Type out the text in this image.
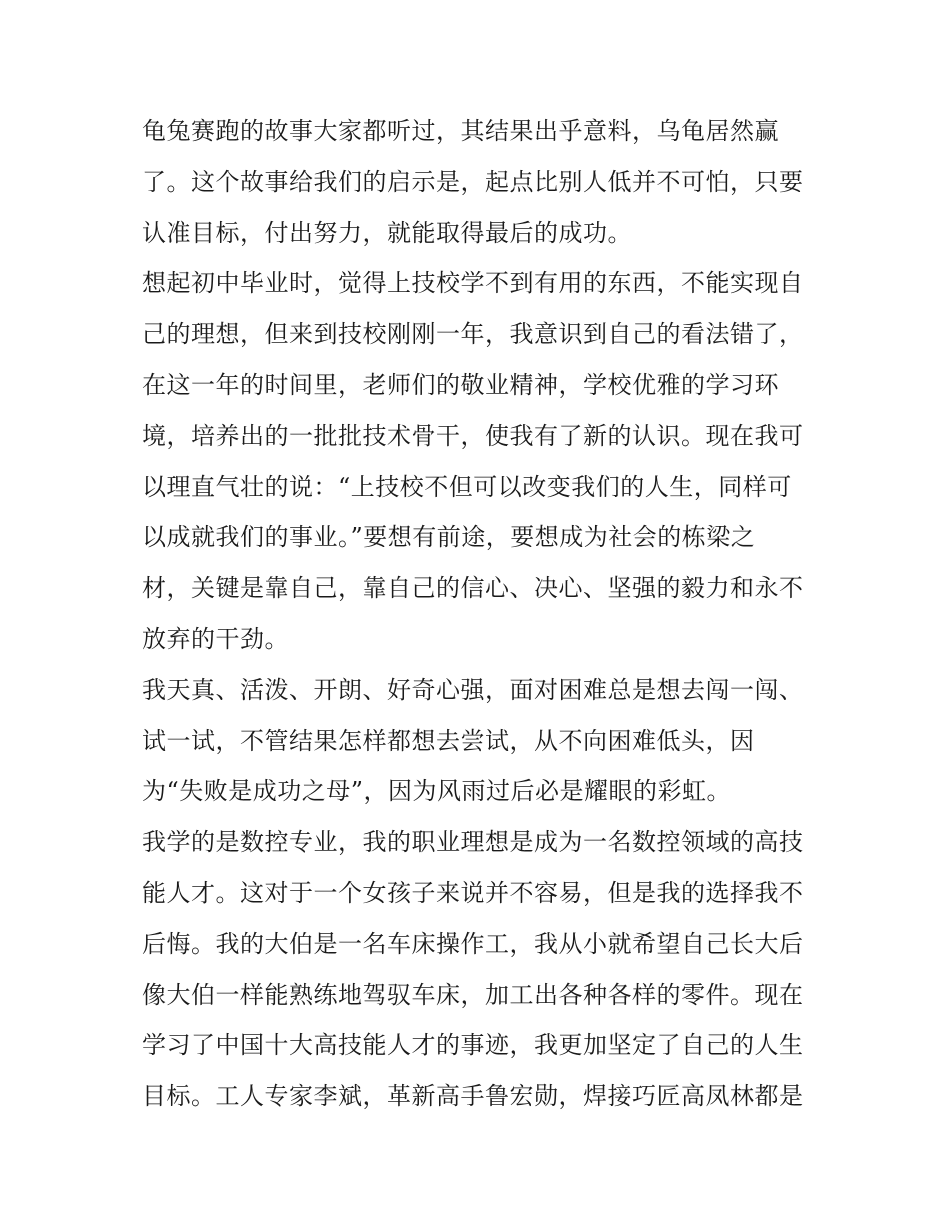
龟兔赛跑的故事大家都听过，其结果出乎意料，乌龟居然赢
了。这个故事给我们的启示是，起点比别人低并不可怕，只要
认准目标，付出努力，就能取得最后的成功。
想起初中毕业时，觉得上技校学不到有用的东西，不能实现自
己的理想，但来到技校刚刚一年，我意识到自己的看法错了，
在这一年的时间里，老师们的敬业精神，学校优雅的学习环
境，培养出的一批批技术骨干，使我有了新的认识。现在我可
以理直气壮的说：“上技校不但可以改变我们的人生，同样可
以成就我们的事业。”要想有前途，要想成为社会的栋梁之
材，关键是靠自己，靠自己的信心、决心、坚强的毅力和永不
放弃的干劲。
我天真、活泼、开朗、好奇心强，面对困难总是想去闯一闯、
试一试，不管结果怎样都想去尝试，从不向困难低头，因
为“失败是成功之母”，因为风雨过后必是耀眼的彩虹。
我学的是数控专业，我的职业理想是成为一名数控领域的高技
能人才。这对于一个女孩子来说并不容易，但是我的选择我不
后悔。我的大伯是一名车床操作工，我从小就希望自己长大后
像大伯一样能熟练地驾驭车床，加工出各种各样的零件。现在
学习了中国十大高技能人才的事迹，我更加坚定了自己的人生
目标。工人专家李斌，革新高手鲁宏勋，焊接巧匠高凤林都是
